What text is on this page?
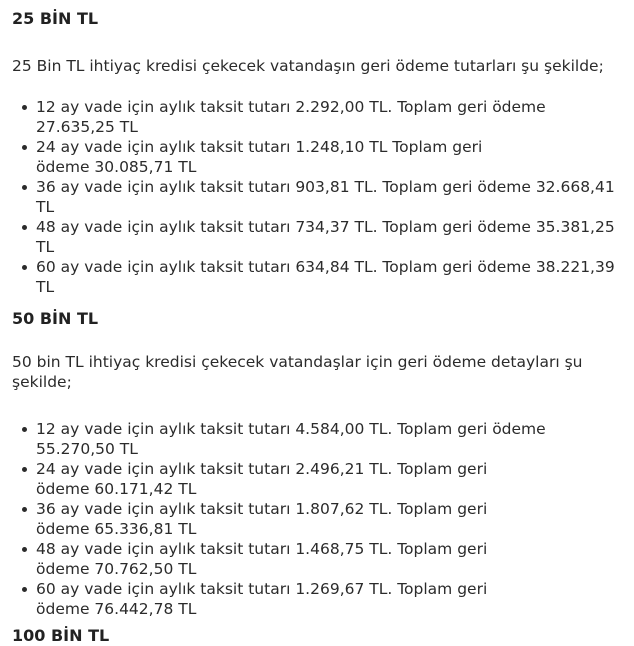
25 BİN TL

25 Bin TL ihtiyaç kredisi çekecek vatandaşın geri ödeme tutarları şu şekilde;

12 ay vade için aylık taksit tutarı 2.292,00 TL. Toplam geri ödeme
27.635,25 TL
24 ay vade için aylık taksit tutarı 1.248,10 TL Toplam geri
ödeme 30.085,71 TL
36 ay vade için aylık taksit tutarı 903,81 TL. Toplam geri ödeme 32.668,41
TL
48 ay vade için aylık taksit tutarı 734,37 TL. Toplam geri ödeme 35.381,25
TL
60 ay vade için aylık taksit tutarı 634,84 TL. Toplam geri ödeme 38.221,39
TL
50 BİN TL

50 bin TL ihtiyaç kredisi çekecek vatandaşlar için geri ödeme detayları şu
şekilde;

12 ay vade için aylık taksit tutarı 4.584,00 TL. Toplam geri ödeme
55.270,50 TL
24 ay vade için aylık taksit tutarı 2.496,21 TL. Toplam geri
ödeme 60.171,42 TL
36 ay vade için aylık taksit tutarı 1.807,62 TL. Toplam geri
ödeme 65.336,81 TL
48 ay vade için aylık taksit tutarı 1.468,75 TL. Toplam geri
ödeme 70.762,50 TL
60 ay vade için aylık taksit tutarı 1.269,67 TL. Toplam geri
ödeme 76.442,78 TL
100 BİN TL
